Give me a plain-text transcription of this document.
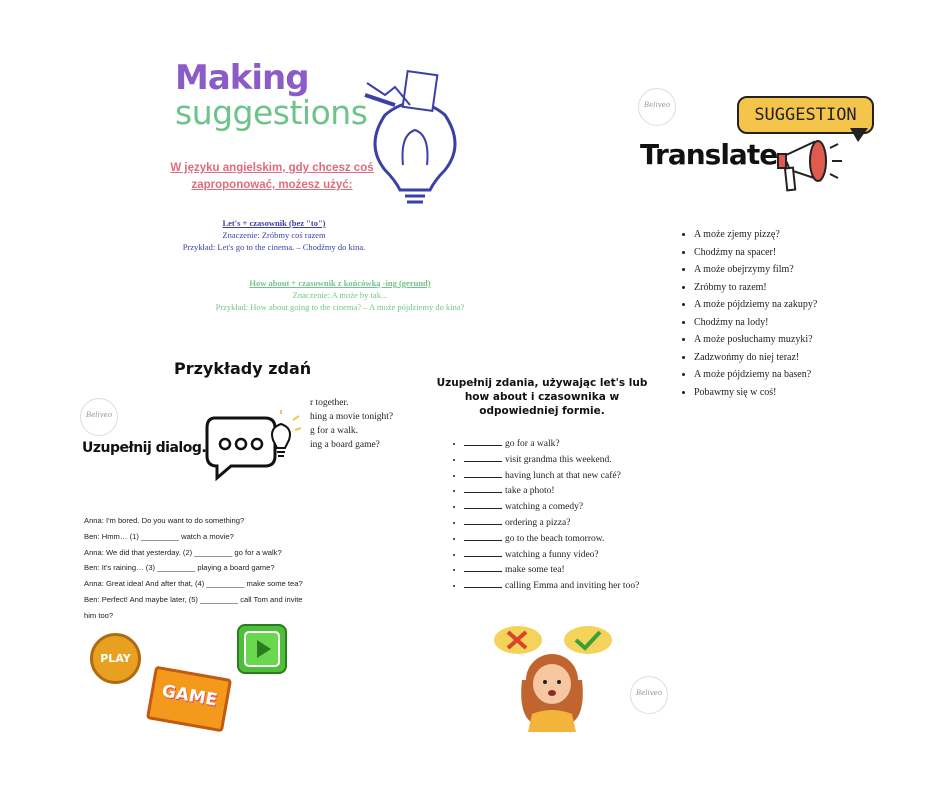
Making
suggestions
W języku angielskim, gdy chcesz coś zaproponować, możesz użyć:
Let's + czasownik (bez "to")
Znaczenie: Zróbmy coś razem
Przykład: Let's go to the cinema. – Chodźmy do kina.
How about + czasownik z końcówką -ing (gerund)
Znaczenie: A może by tak...
Przykład: How about going to the cinema? – A może pójdziemy do kina?
Beliveo	SUGGESTION
Translate
• A może zjemy pizzę?
• Chodźmy na spacer!
• A może obejrzymy film?
• Zróbmy to razem!
• A może pójdziemy na zakupy?
• Chodźmy na lody!
• A może posłuchamy muzyki?
• Zadzwońmy do niej teraz!
• A może pójdziemy na basen?
• Pobawmy się w coś!
Przykłady zdań
r together.
hing a movie tonight?
g for a walk.
ing a board game?
Beliveo
Uzupełnij dialog.
Anna: I'm bored. Do you want to do something?
Ben: Hmm… (1) _________ watch a movie?
Anna: We did that yesterday. (2) _________ go for a walk?
Ben: It's raining… (3) _________ playing a board game?
Anna: Great idea! And after that, (4) _________ make some tea?
Ben: Perfect! And maybe later, (5) _________ call Tom and invite
him too?
PLAY
GAME
Uzupełnij zdania, używając let's lub how about i czasownika w odpowiedniej formie.
• go for a walk?
• visit grandma this weekend.
• having lunch at that new café?
• take a photo!
• watching a comedy?
• ordering a pizza?
• go to the beach tomorrow.
• watching a funny video?
• make some tea!
• calling Emma and inviting her too?
Beliveo
